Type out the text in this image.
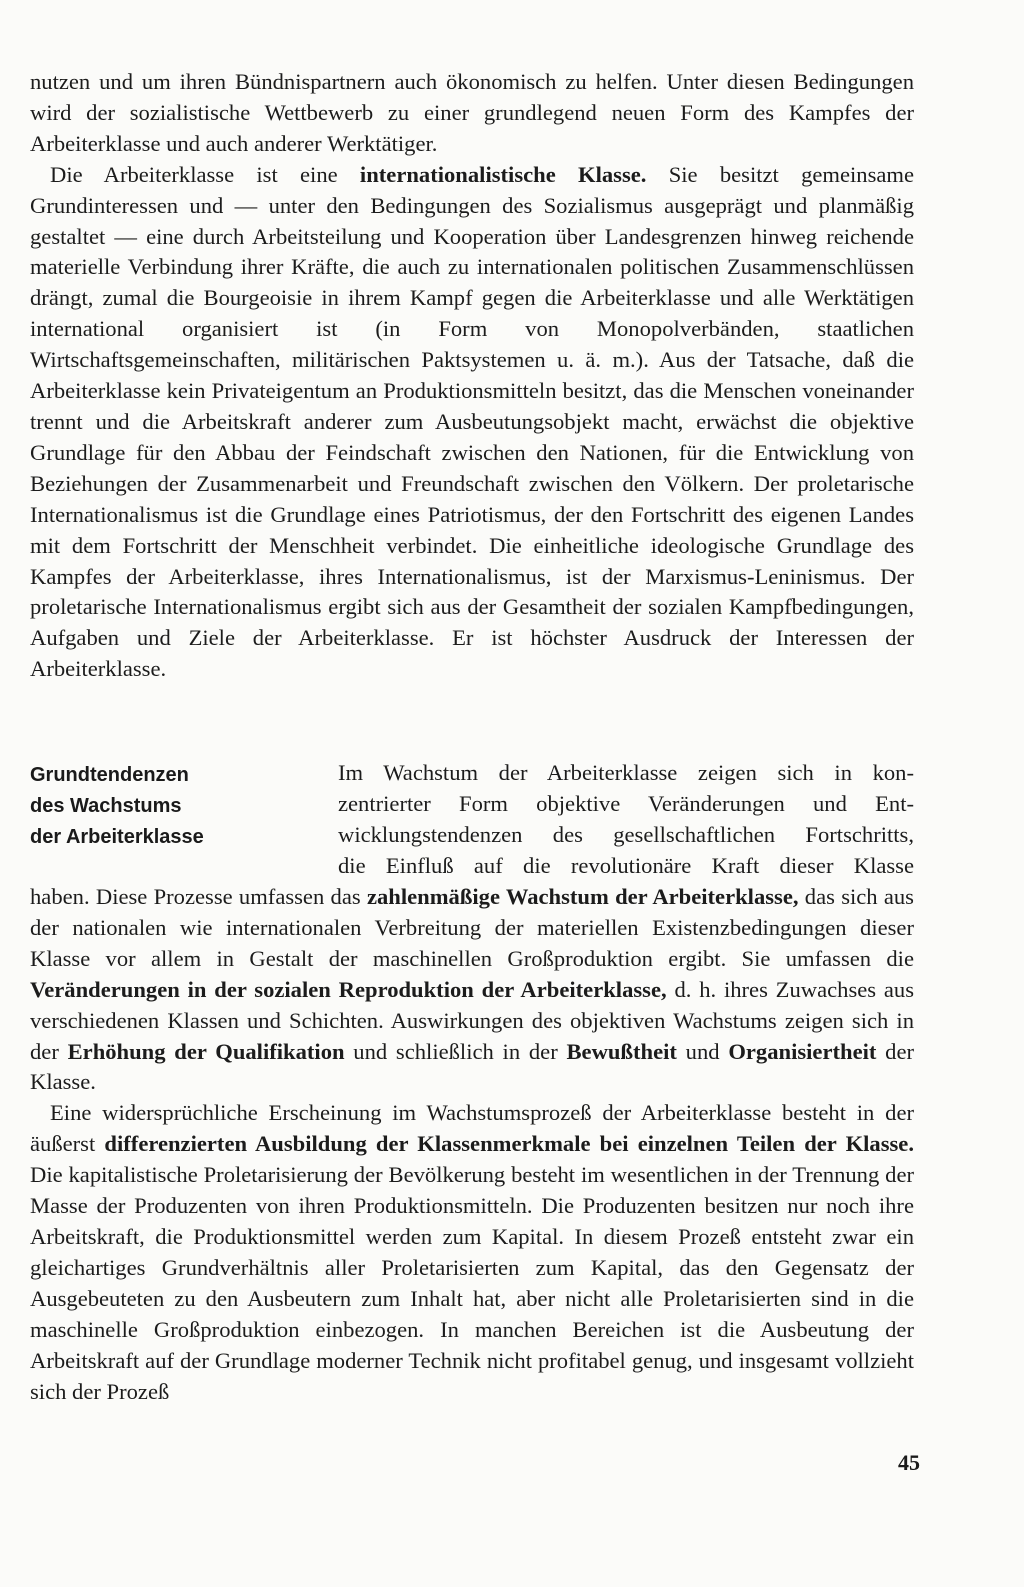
nutzen und um ihren Bündnispartnern auch ökonomisch zu helfen. Unter diesen Bedingungen wird der sozialistische Wettbewerb zu einer grundlegend neuen Form des Kampfes der Arbeiterklasse und auch anderer Werktätiger.

Die Arbeiterklasse ist eine internationalistische Klasse. Sie besitzt gemeinsame Grundinteressen und — unter den Bedingungen des Sozialismus ausgeprägt und planmäßig gestaltet — eine durch Arbeitsteilung und Kooperation über Landesgrenzen hinweg reichende materielle Verbindung ihrer Kräfte, die auch zu internationalen politischen Zusammenschlüssen drängt, zumal die Bourgeoisie in ihrem Kampf gegen die Arbeiterklasse und alle Werktätigen international organisiert ist (in Form von Monopolverbänden, staatlichen Wirtschaftsgemeinschaften, militärischen Paktsystemen u. ä. m.). Aus der Tatsache, daß die Arbeiterklasse kein Privateigentum an Produktionsmitteln besitzt, das die Menschen voneinander trennt und die Arbeitskraft anderer zum Ausbeutungsobjekt macht, erwächst die objektive Grundlage für den Abbau der Feindschaft zwischen den Nationen, für die Entwicklung von Beziehungen der Zusammenarbeit und Freundschaft zwischen den Völkern. Der proletarische Internationalismus ist die Grundlage eines Patriotismus, der den Fortschritt des eigenen Landes mit dem Fortschritt der Menschheit verbindet. Die einheitliche ideologische Grundlage des Kampfes der Arbeiterklasse, ihres Internationalismus, ist der Marxismus-Leninismus. Der proletarische Internationalismus ergibt sich aus der Gesamtheit der sozialen Kampfbedingungen, Aufgaben und Ziele der Arbeiterklasse. Er ist höchster Ausdruck der Interessen der Arbeiterklasse.

Grundtendenzen
des Wachstums
der Arbeiterklasse
Im Wachstum der Arbeiterklasse zeigen sich in kon-
zentrierter Form objektive Veränderungen und Ent-
wicklungstendenzen des gesellschaftlichen Fortschritts,
die Einfluß auf die revolutionäre Kraft dieser Klasse

haben. Diese Prozesse umfassen das zahlenmäßige Wachstum der Arbeiterklasse, das sich aus der nationalen wie internationalen Verbreitung der materiellen Existenzbedingungen dieser Klasse vor allem in Gestalt der maschinellen Großproduktion ergibt. Sie umfassen die Veränderungen in der sozialen Reproduktion der Arbeiterklasse, d. h. ihres Zuwachses aus verschiedenen Klassen und Schichten. Auswirkungen des objektiven Wachstums zeigen sich in der Erhöhung der Qualifikation und schließlich in der Bewußtheit und Organisiertheit der Klasse.

Eine widersprüchliche Erscheinung im Wachstumsprozeß der Arbeiterklasse besteht in der äußerst differenzierten Ausbildung der Klassenmerkmale bei einzelnen Teilen der Klasse. Die kapitalistische Proletarisierung der Bevölkerung besteht im wesentlichen in der Trennung der Masse der Produzenten von ihren Produktionsmitteln. Die Produzenten besitzen nur noch ihre Arbeitskraft, die Produktionsmittel werden zum Kapital. In diesem Prozeß entsteht zwar ein gleichartiges Grundverhältnis aller Proletarisierten zum Kapital, das den Gegensatz der Ausgebeuteten zu den Ausbeutern zum Inhalt hat, aber nicht alle Proletarisierten sind in die maschinelle Großproduktion einbezogen. In manchen Bereichen ist die Ausbeutung der Arbeitskraft auf der Grundlage moderner Technik nicht profitabel genug, und insgesamt vollzieht sich der Prozeß

45
